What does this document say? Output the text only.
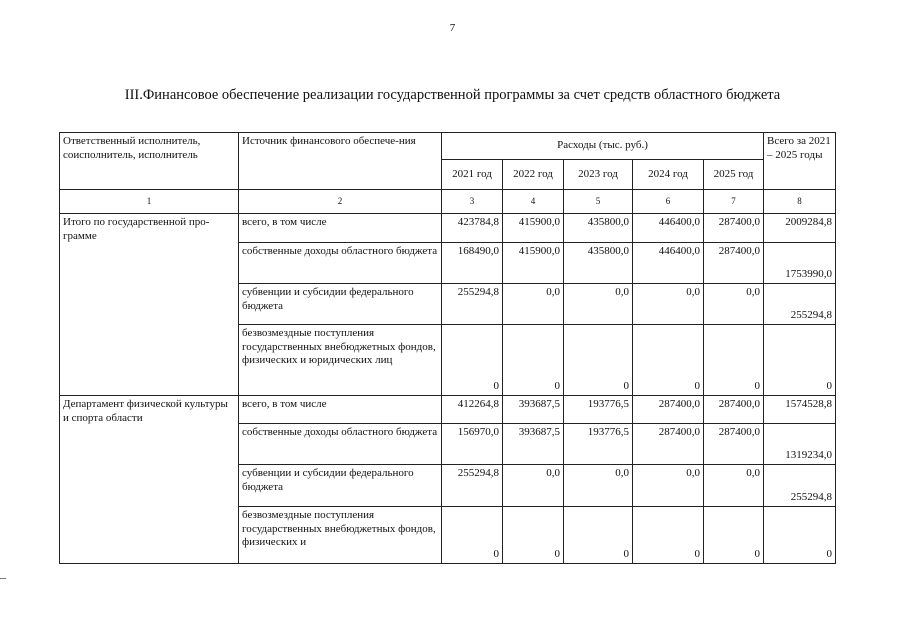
7
III.Финансовое обеспечение реализации государственной программы за счет средств областного бюджета
Ответственный исполнитель, соисполнитель, исполнитель	Источник финансового обеспече-ния	Расходы (тыс. руб.)					Всего за 2021 – 2025 годы
		2021 год	2022 год	2023 год	2024 год	2025 год	
1	2	3	4	5	6	7	8
Итого по государственной про-грамме	всего, в том числе	423784,8	415900,0	435800,0	446400,0	287400,0	2009284,8
	собственные доходы областного бюджета	168490,0	415900,0	435800,0	446400,0	287400,0	1753990,0
	субвенции и субсидии федерального бюджета	255294,8	0,0	0,0	0,0	0,0	255294,8
	безвозмездные поступления государственных внебюджетных фондов, физических и юридических лиц	0	0	0	0	0	0
Департамент физической культуры и спорта области	всего, в том числе	412264,8	393687,5	193776,5	287400,0	287400,0	1574528,8
	собственные доходы областного бюджета	156970,0	393687,5	193776,5	287400,0	287400,0	1319234,0
	субвенции и субсидии федерального бюджета	255294,8	0,0	0,0	0,0	0,0	255294,8
	безвозмездные поступления государственных внебюджетных фондов, физических и	0	0	0	0	0	0
